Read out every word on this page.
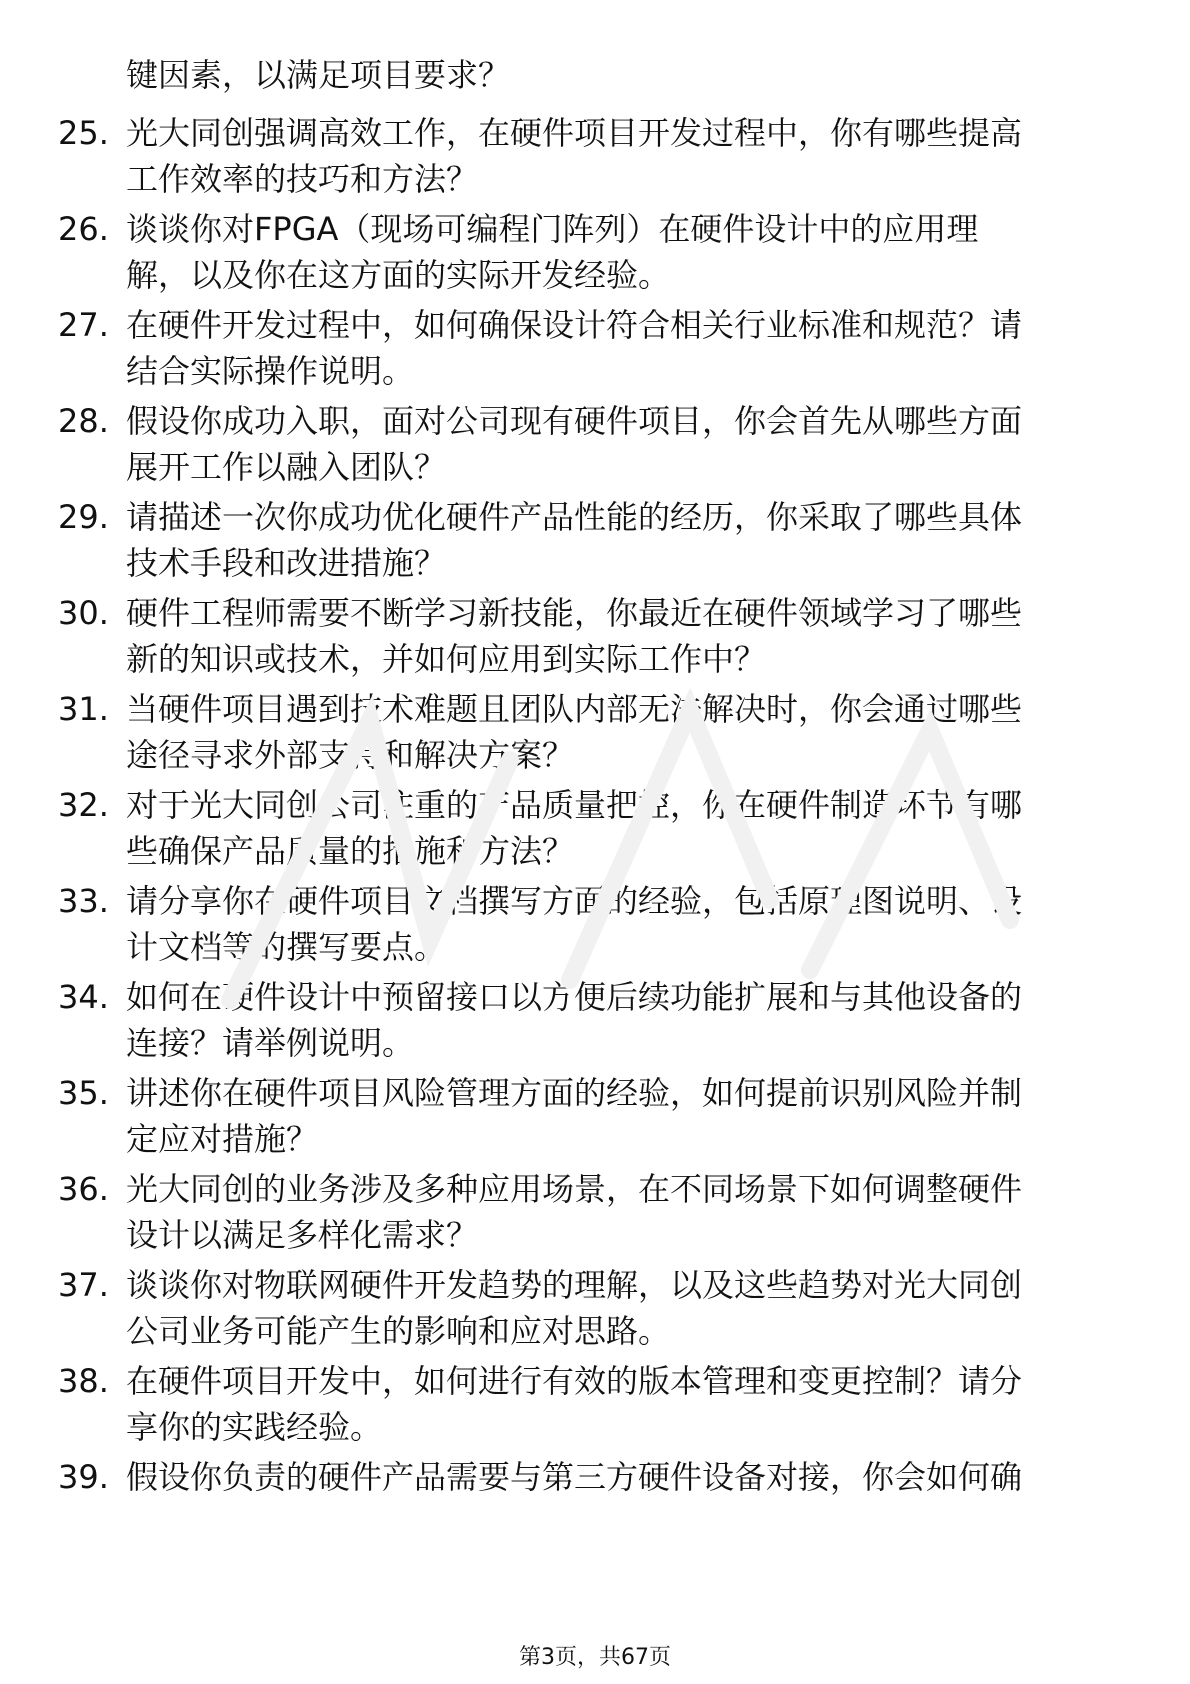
键因素，以满足项目要求？
25. 光大同创强调高效工作，在硬件项目开发过程中，你有哪些提高
工作效率的技巧和方法？
26. 谈谈你对FPGA（现场可编程门阵列）在硬件设计中的应用理
解，以及你在这方面的实际开发经验。
27. 在硬件开发过程中，如何确保设计符合相关行业标准和规范？请
结合实际操作说明。
28. 假设你成功入职，面对公司现有硬件项目，你会首先从哪些方面
展开工作以融入团队？
29. 请描述一次你成功优化硬件产品性能的经历，你采取了哪些具体
技术手段和改进措施？
30. 硬件工程师需要不断学习新技能，你最近在硬件领域学习了哪些
新的知识或技术，并如何应用到实际工作中？
31. 当硬件项目遇到技术难题且团队内部无法解决时，你会通过哪些
途径寻求外部支持和解决方案？
32. 对于光大同创公司注重的产品质量把控，你在硬件制造环节有哪
些确保产品质量的措施和方法？
33. 请分享你在硬件项目文档撰写方面的经验，包括原理图说明、设
计文档等的撰写要点。
34. 如何在硬件设计中预留接口以方便后续功能扩展和与其他设备的
连接？请举例说明。
35. 讲述你在硬件项目风险管理方面的经验，如何提前识别风险并制
定应对措施？
36. 光大同创的业务涉及多种应用场景，在不同场景下如何调整硬件
设计以满足多样化需求？
37. 谈谈你对物联网硬件开发趋势的理解，以及这些趋势对光大同创
公司业务可能产生的影响和应对思路。
38. 在硬件项目开发中，如何进行有效的版本管理和变更控制？请分
享你的实践经验。
39. 假设你负责的硬件产品需要与第三方硬件设备对接，你会如何确
第3页，共67页
